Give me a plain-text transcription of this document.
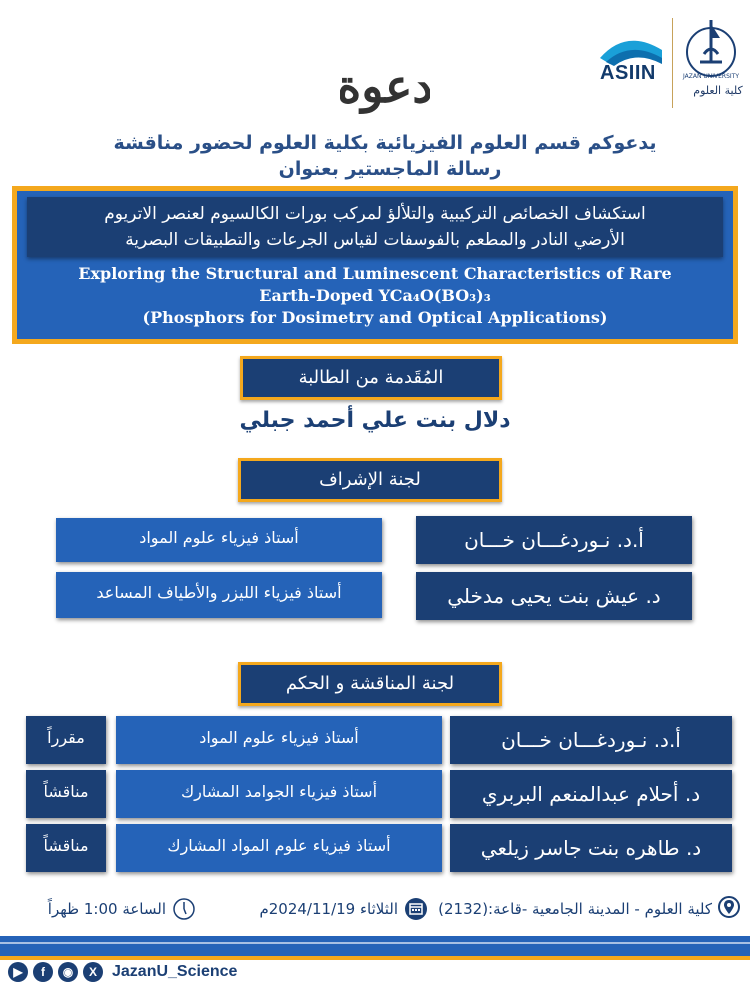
ASIIN	JAZAN UNIVERSITY
كلية العلوم
دعوة
يدعوكم قسم العلوم الفيزيائية بكلية العلوم لحضور مناقشة
رسالة الماجستير بعنوان
استكشاف الخصائص التركيبية والتلألؤ لمركب بورات الكالسيوم لعنصر الاتريوم
الأرضي النادر والمطعم بالفوسفات لقياس الجرعات والتطبيقات البصرية
Exploring the Structural and Luminescent Characteristics of Rare
Earth-Doped YCa₄O(BO₃)₃
(Phosphors for Dosimetry and Optical Applications)
المُقَدمة من الطالبة
دلال بنت علي أحمد جبلي
لجنة الإشراف
أ.د. نـوردغـــان خـــان
أستاذ فيزياء علوم المواد
د. عيش بنت يحيى مدخلي
أستاذ فيزياء الليزر والأطياف المساعد
لجنة المناقشة و الحكم
أ.د. نـوردغـــان خـــان
أستاذ فيزياء علوم المواد
مقرراً
د. أحلام عبدالمنعم البربري
أستاذ فيزياء الجوامد المشارك
مناقشاً
د. طاهره بنت جاسر زيلعي
أستاذ فيزياء علوم المواد المشارك
مناقشاً
كلية العلوم - المدينة الجامعية -قاعة:(2132)
الثلاثاء 2024/11/19م
الساعة 1:00 ظهراً
▶	f	◉	X JazanU_Science
